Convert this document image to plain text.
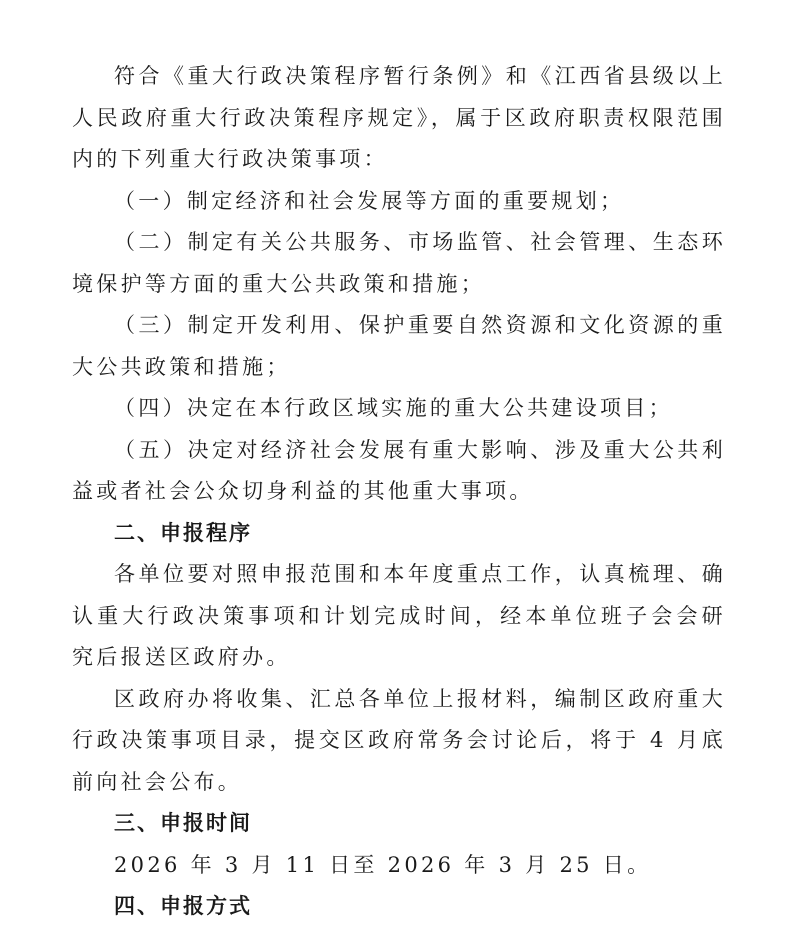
符合《重大行政决策程序暂行条例》和《江西省县级以上人民政府重大行政决策程序规定》，属于区政府职责权限范围内的下列重大行政决策事项：

（一）制定经济和社会发展等方面的重要规划；

（二）制定有关公共服务、市场监管、社会管理、生态环境保护等方面的重大公共政策和措施；

（三）制定开发利用、保护重要自然资源和文化资源的重大公共政策和措施；

（四）决定在本行政区域实施的重大公共建设项目；

（五）决定对经济社会发展有重大影响、涉及重大公共利益或者社会公众切身利益的其他重大事项。

二、申报程序

各单位要对照申报范围和本年度重点工作，认真梳理、确认重大行政决策事项和计划完成时间，经本单位班子会会研究后报送区政府办。

区政府办将收集、汇总各单位上报材料，编制区政府重大行政决策事项目录，提交区政府常务会讨论后，将于 4 月底前向社会公布。

三、申报时间

2026 年 3 月 11 日至 2026 年 3 月 25 日。

四、申报方式
